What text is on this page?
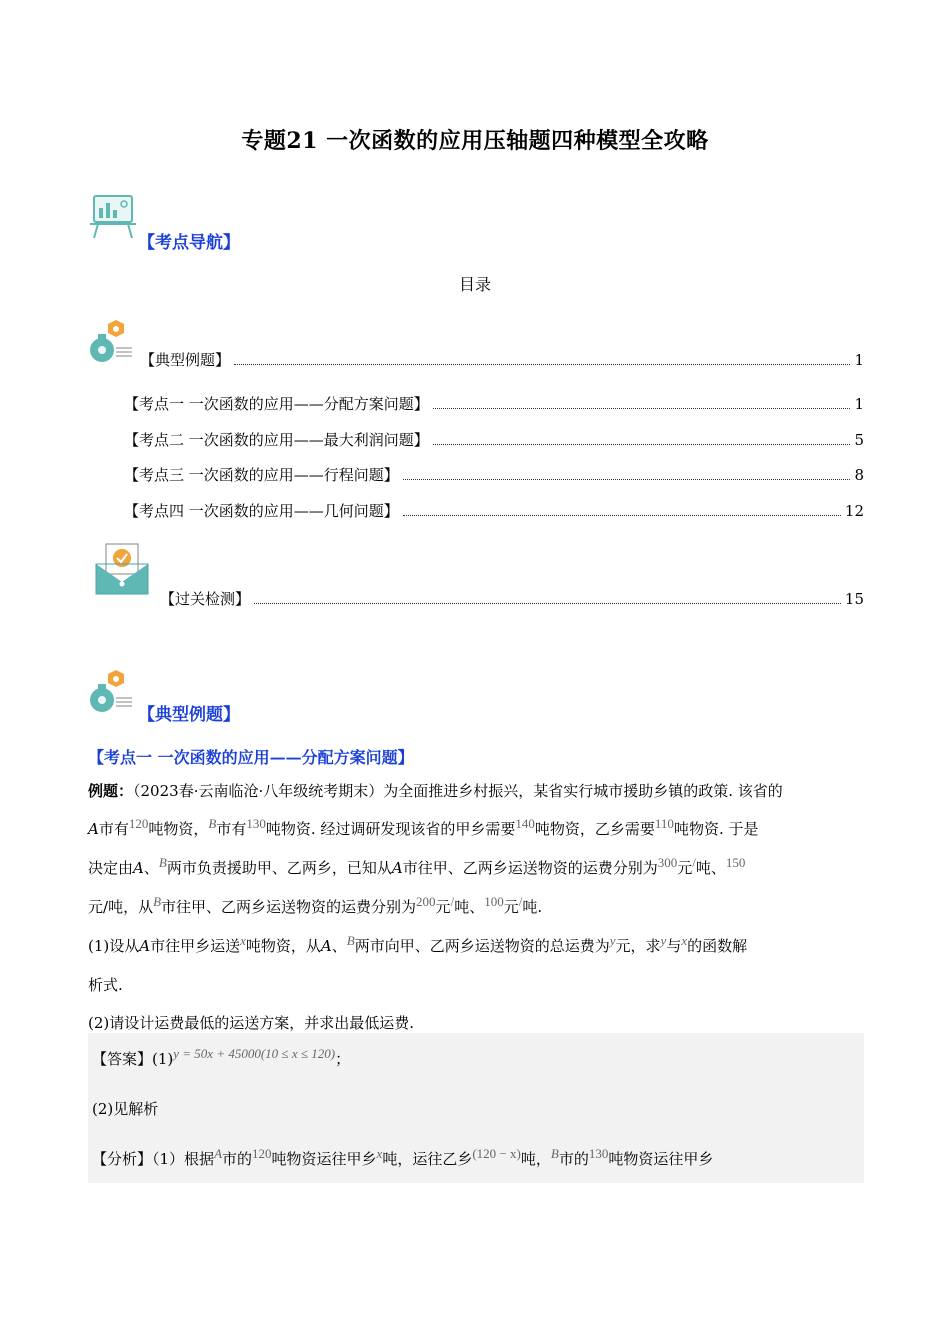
专题21 一次函数的应用压轴题四种模型全攻略
【考点导航】
目录
【典型例题】	1
【考点一 一次函数的应用——分配方案问题】	1
【考点二 一次函数的应用——最大利润问题】	5
【考点三 一次函数的应用——行程问题】	8
【考点四 一次函数的应用——几何问题】	12
【过关检测】	15
【典型例题】
【考点一 一次函数的应用——分配方案问题】
例题：（2023春·云南临沧·八年级统考期末）为全面推进乡村振兴，某省实行城市援助乡镇的政策. 该省的
A市有120吨物资，B市有130吨物资. 经过调研发现该省的甲乡需要140吨物资，乙乡需要110吨物资. 于是
决定由A、B两市负责援助甲、乙两乡，已知从A市往甲、乙两乡运送物资的运费分别为300元/吨、150
元/吨，从B市往甲、乙两乡运送物资的运费分别为200元/吨、100元/吨.
(1)设从A市往甲乡运送x吨物资，从A、B两市向甲、乙两乡运送物资的总运费为y元，求y与x的函数解
析式.
(2)请设计运费最低的运送方案，并求出最低运费.
【答案】(1)y = 50x + 45000(10 ≤ x ≤ 120)；
(2)见解析
【分析】（1）根据A市的120吨物资运往甲乡x吨，运往乙乡(120 − x)吨，B市的130吨物资运往甲乡
